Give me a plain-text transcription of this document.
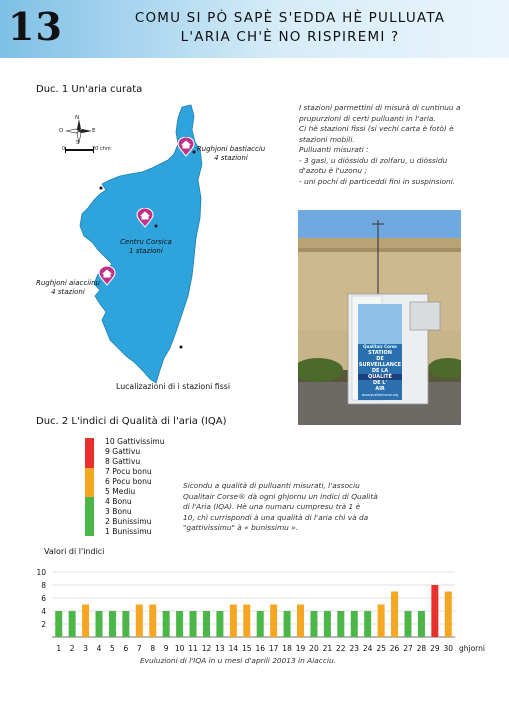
13	COMU SI PÒ SAPÈ S'EDDA HÈ PULLUATA
L'ARIA CH'È NO RISPIREMI ?
Duc. 1 Un'aria curata
N
S
E
O
0	20 chm	Rughjoni bastiacciu
4 stazioni
Centru Corsica
1 stazioni
Rughjoni aiacciinu
4 stazioni
Lucalizazioni di i stazioni fissi
I stazioni parmettini di misurà di cuntinuu a
prupurzioni di certi pulluanti in l'aria.
Ci hè stazioni fissi (si vechi carta è fotò) è
stazioni mobili.
Pulluanti misurati :
- 3 gasi, u diòssidu di zolfaru, u diòssidu
d'azotu è l'uzonu ;
- uni pochi di particeddi fini in suspinsioni.
Qualitair Corse
STATION
DE
SURVEILLANCE
DE LA
QUALITÉ
DE L'
AIR
www.qualitaircorse.org
Duc. 2 L'indici di Qualità di l'aria (IQA)
10 Gattivissimu
9 Gattivu
8 Gattivu
7 Pocu bonu
6 Pocu bonu
5 Mediu
4 Bonu
3 Bonu
2 Bunissimu
1 Bunissimu
Sicondu a qualità di pulluanti misurati, l'associu
Qualitair Corse® dà ogni ghjornu un indici di Qualità
di l'Aria (IQA). Hè una numaru cumpresu trà 1 è
10, chì currispondi à una qualità di l'aria chì và da
"gattivissimu" à « bunissimu ».
Valori di l'indici
2
4
6
8
10
1 2 3 4 5 6 7 8 9 10 11 12 13 14 15 16 17 18 19 20 21 22 23 24 25 26 27 28 29 30 ghjorni
Evuluzioni di l'IQA in u mesi d'aprili 20013 in Aiacciu.
